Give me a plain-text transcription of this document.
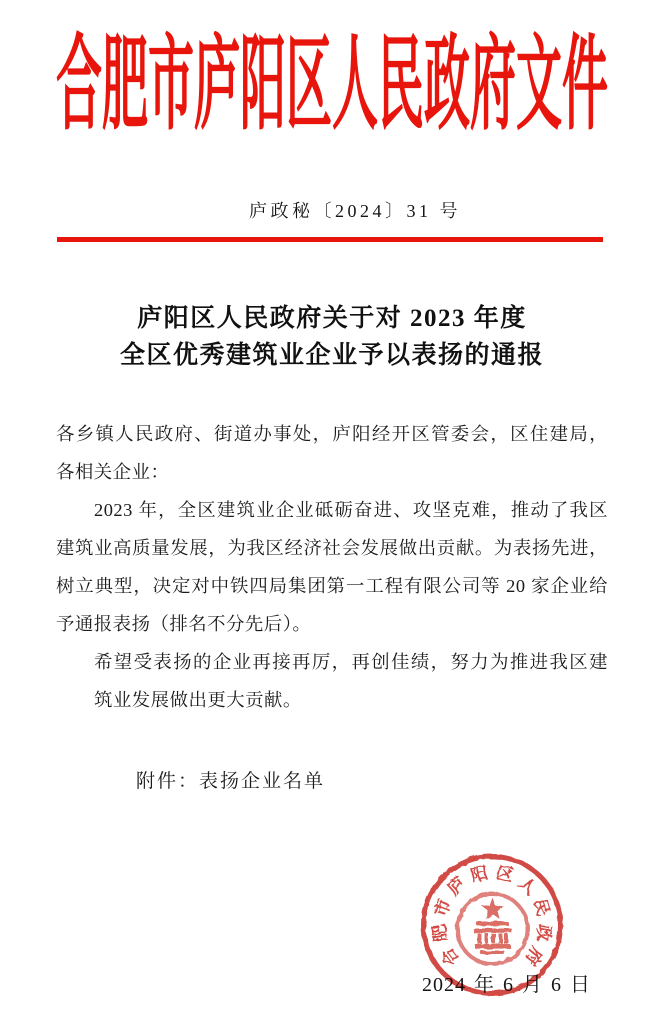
合肥市庐阳区人民政府文件
庐政秘〔2024〕31 号
庐阳区人民政府关于对 2023 年度
全区优秀建筑业企业予以表扬的通报
各乡镇人民政府、街道办事处，庐阳经开区管委会，区住建局，
各相关企业：
2023 年，全区建筑业企业砥砺奋进、攻坚克难，推动了我区
建筑业高质量发展，为我区经济社会发展做出贡献。为表扬先进，
树立典型，决定对中铁四局集团第一工程有限公司等 20 家企业给
予通报表扬（排名不分先后）。
希望受表扬的企业再接再厉，再创佳绩，努力为推进我区建
筑业发展做出更大贡献。
附件：表扬企业名单
2024 年 6 月 6 日
合
肥
市
庐 阳 区 人
民
政
府
